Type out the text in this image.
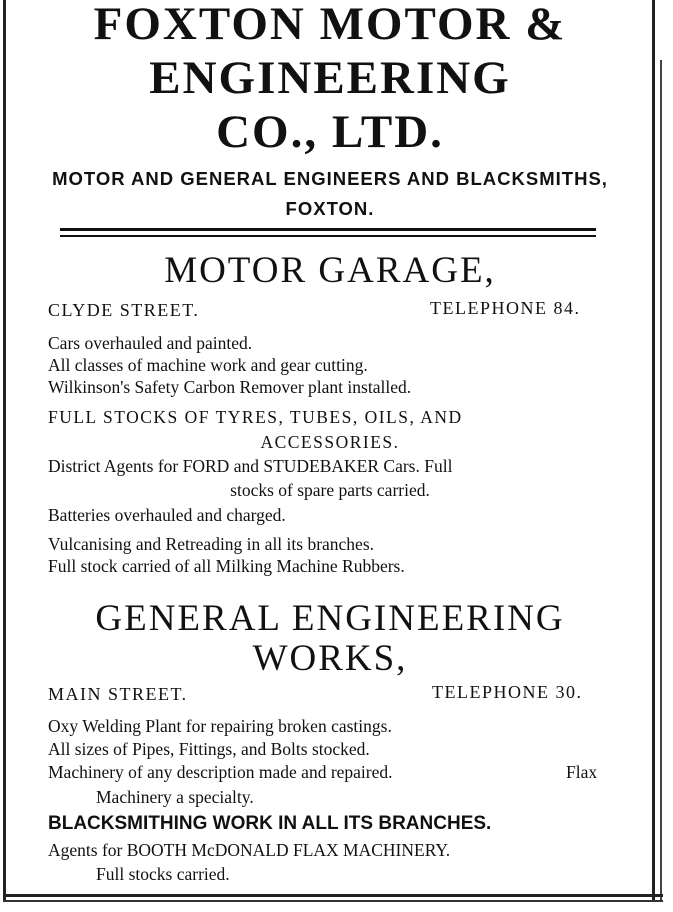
FOXTON MOTOR &
ENGINEERING
CO., LTD.
MOTOR AND GENERAL ENGINEERS AND BLACKSMITHS,
FOXTON.
MOTOR GARAGE,
CLYDE STREET.	TELEPHONE 84.
Cars overhauled and painted.
All classes of machine work and gear cutting.
Wilkinson's Safety Carbon Remover plant installed.
FULL STOCKS OF TYRES, TUBES, OILS, AND
ACCESSORIES.
District Agents for FORD and STUDEBAKER Cars. Full
stocks of spare parts carried.
Batteries overhauled and charged.
Vulcanising and Retreading in all its branches.
Full stock carried of all Milking Machine Rubbers.
GENERAL ENGINEERING
WORKS,
MAIN STREET.	TELEPHONE 30.
Oxy Welding Plant for repairing broken castings.
All sizes of Pipes, Fittings, and Bolts stocked.
Machinery of any description made and repaired.	Flax
Machinery a specialty.
BLACKSMITHING WORK IN ALL ITS BRANCHES.
Agents for BOOTH McDONALD FLAX MACHINERY.
Full stocks carried.
